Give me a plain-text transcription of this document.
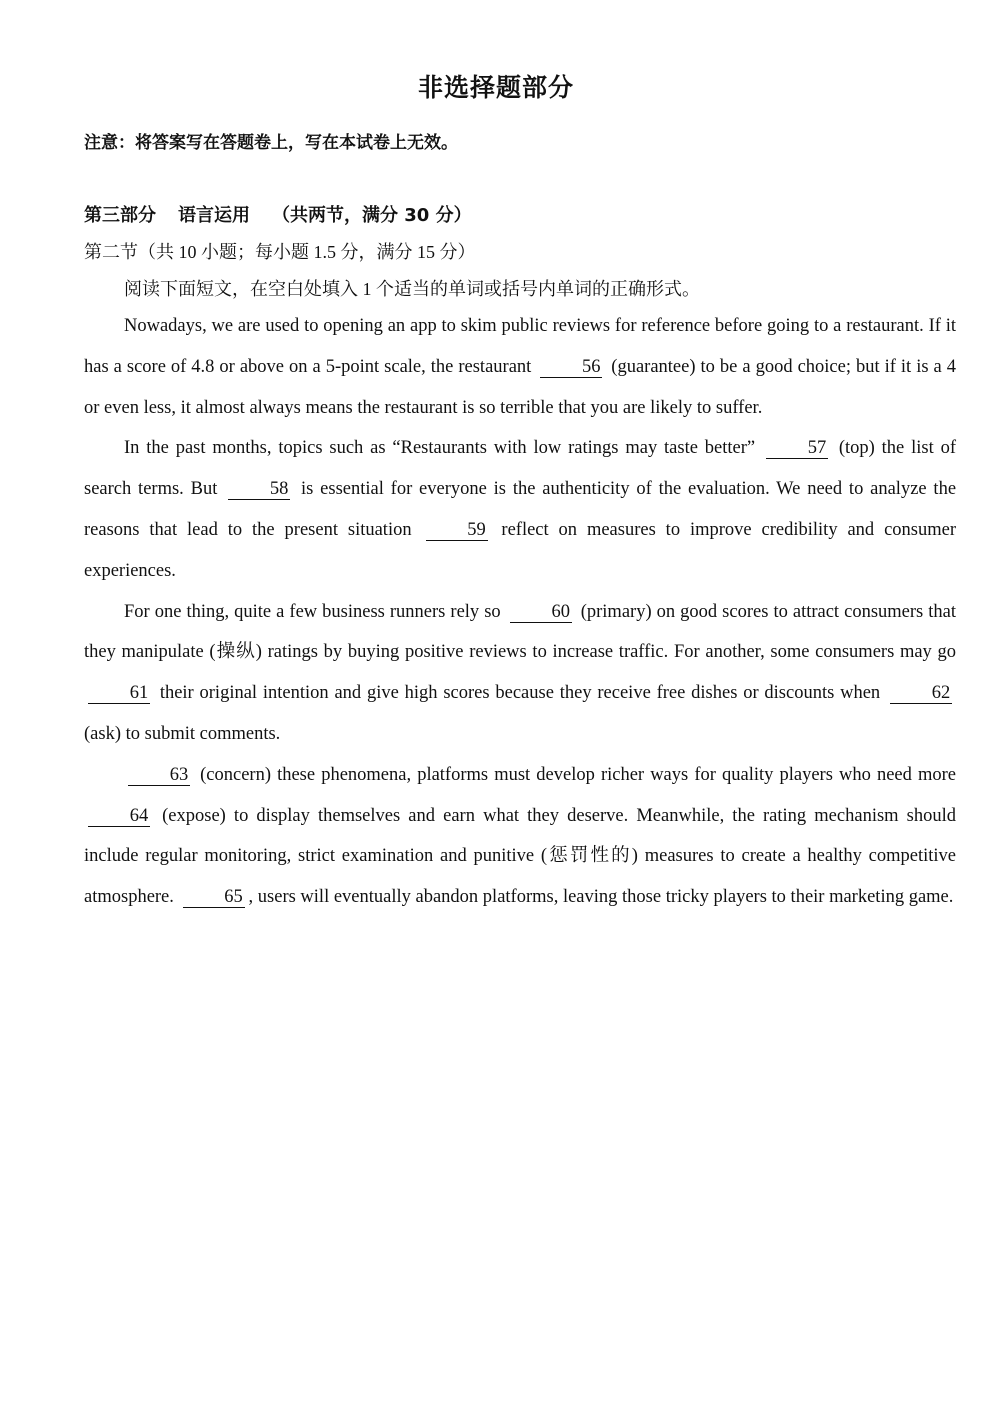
非选择题部分
注意：将答案写在答题卷上，写在本试卷上无效。
第三部分 语言运用 （共两节，满分 30 分）
第二节（共 10 小题；每小题 1.5 分，满分 15 分）
阅读下面短文，在空白处填入 1 个适当的单词或括号内单词的正确形式。

Nowadays, we are used to opening an app to skim public reviews for reference before going to a restaurant. If it has a score of 4.8 or above on a 5-point scale, the restaurant	56 (guarantee) to be a good choice; but if it is a 4 or even less, it almost always means the restaurant is so terrible that you are likely to suffer.

In the past months, topics such as “Restaurants with low ratings may taste better”	57 (top) the list of search terms. But	58 is essential for everyone is the authenticity of the evaluation. We need to analyze the reasons that lead to the present situation	59 reflect on measures to improve credibility and consumer experiences.

For one thing, quite a few business runners rely so	60 (primary) on good scores to attract consumers that they manipulate (操纵) ratings by buying positive reviews to increase traffic. For another, some consumers may go 61 their original intention and give high scores because they receive free dishes or discounts when	62 (ask) to submit comments.

63 (concern) these phenomena, platforms must develop richer ways for quality players who need more 64 (expose) to display themselves and earn what they deserve. Meanwhile, the rating mechanism should include regular monitoring, strict examination and punitive (惩罚性的) measures to create a healthy competitive atmosphere.	65 , users will eventually abandon platforms, leaving those tricky players to their marketing game.
